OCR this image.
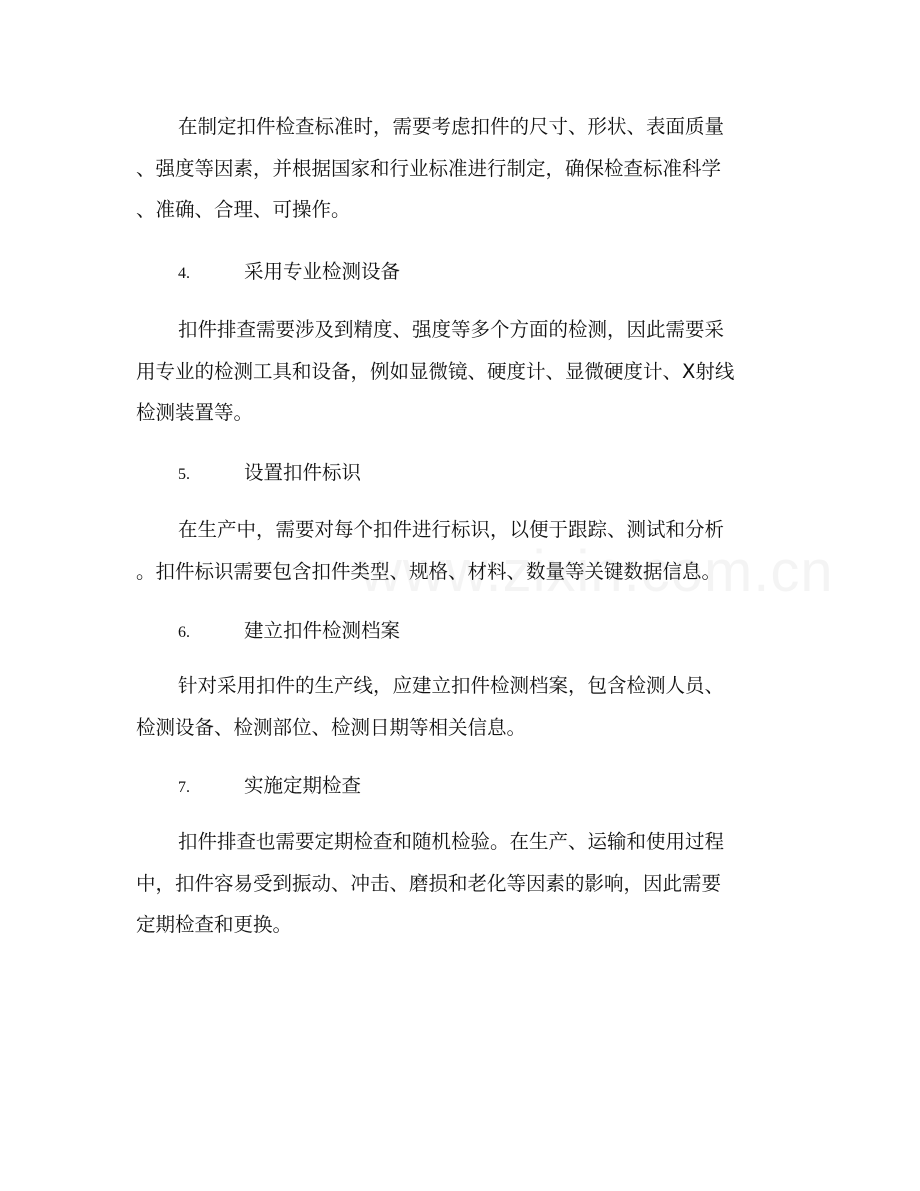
在制定扣件检查标准时，需要考虑扣件的尺寸、形状、表面质量
、强度等因素，并根据国家和行业标准进行制定，确保检查标准科学
、准确、合理、可操作。
4.	采用专业检测设备
扣件排查需要涉及到精度、强度等多个方面的检测，因此需要采
用专业的检测工具和设备，例如显微镜、硬度计、显微硬度计、X射线
检测装置等。
5.	设置扣件标识
在生产中，需要对每个扣件进行标识，以便于跟踪、测试和分析
。扣件标识需要包含扣件类型、规格、材料、数量等关键数据信息。
6.	建立扣件检测档案
针对采用扣件的生产线，应建立扣件检测档案，包含检测人员、
检测设备、检测部位、检测日期等相关信息。
7.	实施定期检查
扣件排查也需要定期检查和随机检验。在生产、运输和使用过程
中，扣件容易受到振动、冲击、磨损和老化等因素的影响，因此需要
定期检查和更换。
